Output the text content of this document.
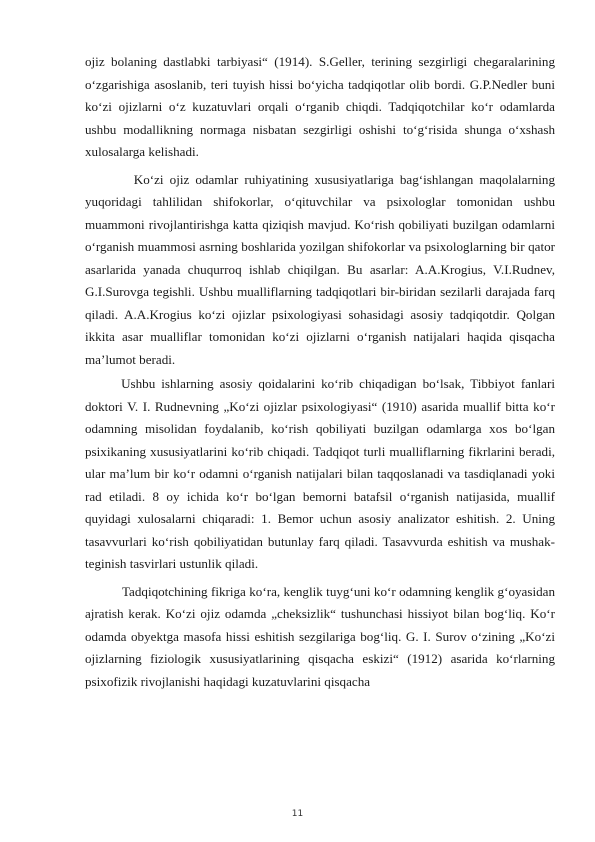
ojiz bolaning dastlabki tarbiyasi“ (1914). S.Geller, terining sezgirligi chegaralarining o‘zgarishiga asoslanib, teri tuyish hissi bo‘yicha tadqiqotlar olib bordi. G.P.Nedler buni ko‘zi ojizlarni o‘z kuzatuvlari orqali o‘rganib chiqdi. Tadqiqotchilar ko‘r odamlarda ushbu modallikning normaga nisbatan sezgirligi oshishi to‘g‘risida shunga o‘xshash xulosalarga kelishadi.

Ko‘zi ojiz odamlar ruhiyatining xususiyatlariga bag‘ishlangan maqolalarning yuqoridagi tahlilidan shifokorlar, o‘qituvchilar va psixologlar tomonidan ushbu muammoni rivojlantirishga katta qiziqish mavjud. Ko‘rish qobiliyati buzilgan odamlarni o‘rganish muammosi asrning boshlarida yozilgan shifokorlar va psixologlarning bir qator asarlarida yanada chuqurroq ishlab chiqilgan. Bu asarlar: A.A.Krogius, V.I.Rudnev, G.I.Surovga tegishli. Ushbu mualliflarning tadqiqotlari bir-biridan sezilarli darajada farq qiladi. A.A.Krogius ko‘zi ojizlar psixologiyasi sohasidagi asosiy tadqiqotdir. Qolgan ikkita asar mualliflar tomonidan ko‘zi ojizlarni o‘rganish natijalari haqida qisqacha ma’lumot beradi.

Ushbu ishlarning asosiy qoidalarini ko‘rib chiqadigan bo‘lsak, Tibbiyot fanlari doktori V. I. Rudnevning „Ko‘zi ojizlar psixologiyasi“ (1910) asarida muallif bitta ko‘r odamning misolidan foydalanib, ko‘rish qobiliyati buzilgan odamlarga xos bo‘lgan psixikaning xususiyatlarini ko‘rib chiqadi. Tadqiqot turli mualliflarning fikrlarini beradi, ular ma’lum bir ko‘r odamni o‘rganish natijalari bilan taqqoslanadi va tasdiqlanadi yoki rad etiladi. 8 oy ichida ko‘r bo‘lgan bemorni batafsil o‘rganish natijasida, muallif quyidagi xulosalarni chiqaradi: 1. Bemor uchun asosiy analizator eshitish. 2. Uning tasavvurlari ko‘rish qobiliyatidan butunlay farq qiladi. Tasavvurda eshitish va mushak-teginish tasvirlari ustunlik qiladi.

Tadqiqotchining fikriga ko‘ra, kenglik tuyg‘uni ko‘r odamning kenglik g‘oyasidan ajratish kerak. Ko‘zi ojiz odamda „cheksizlik“ tushunchasi hissiyot bilan bog‘liq. Ko‘r odamda obyektga masofa hissi eshitish sezgilariga bog‘liq. G. I. Surov o‘zining „Ko‘zi ojizlarning fiziologik xususiyatlarining qisqacha eskizi“ (1912) asarida ko‘rlarning psixofizik rivojlanishi haqidagi kuzatuvlarini qisqacha

11
